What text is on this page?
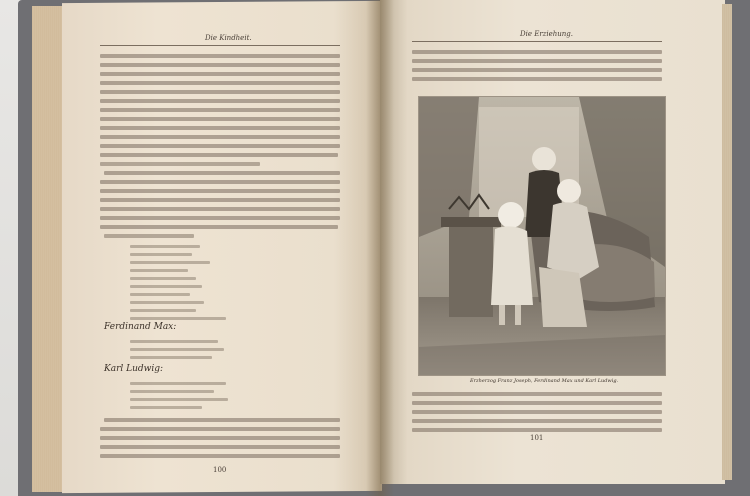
Die Kindheit.
Ferdinand Max:
Karl Ludwig:
100
Die Erziehung.
Erzherzog Franz Joseph, Ferdinand Max und Karl Ludwig.
101
